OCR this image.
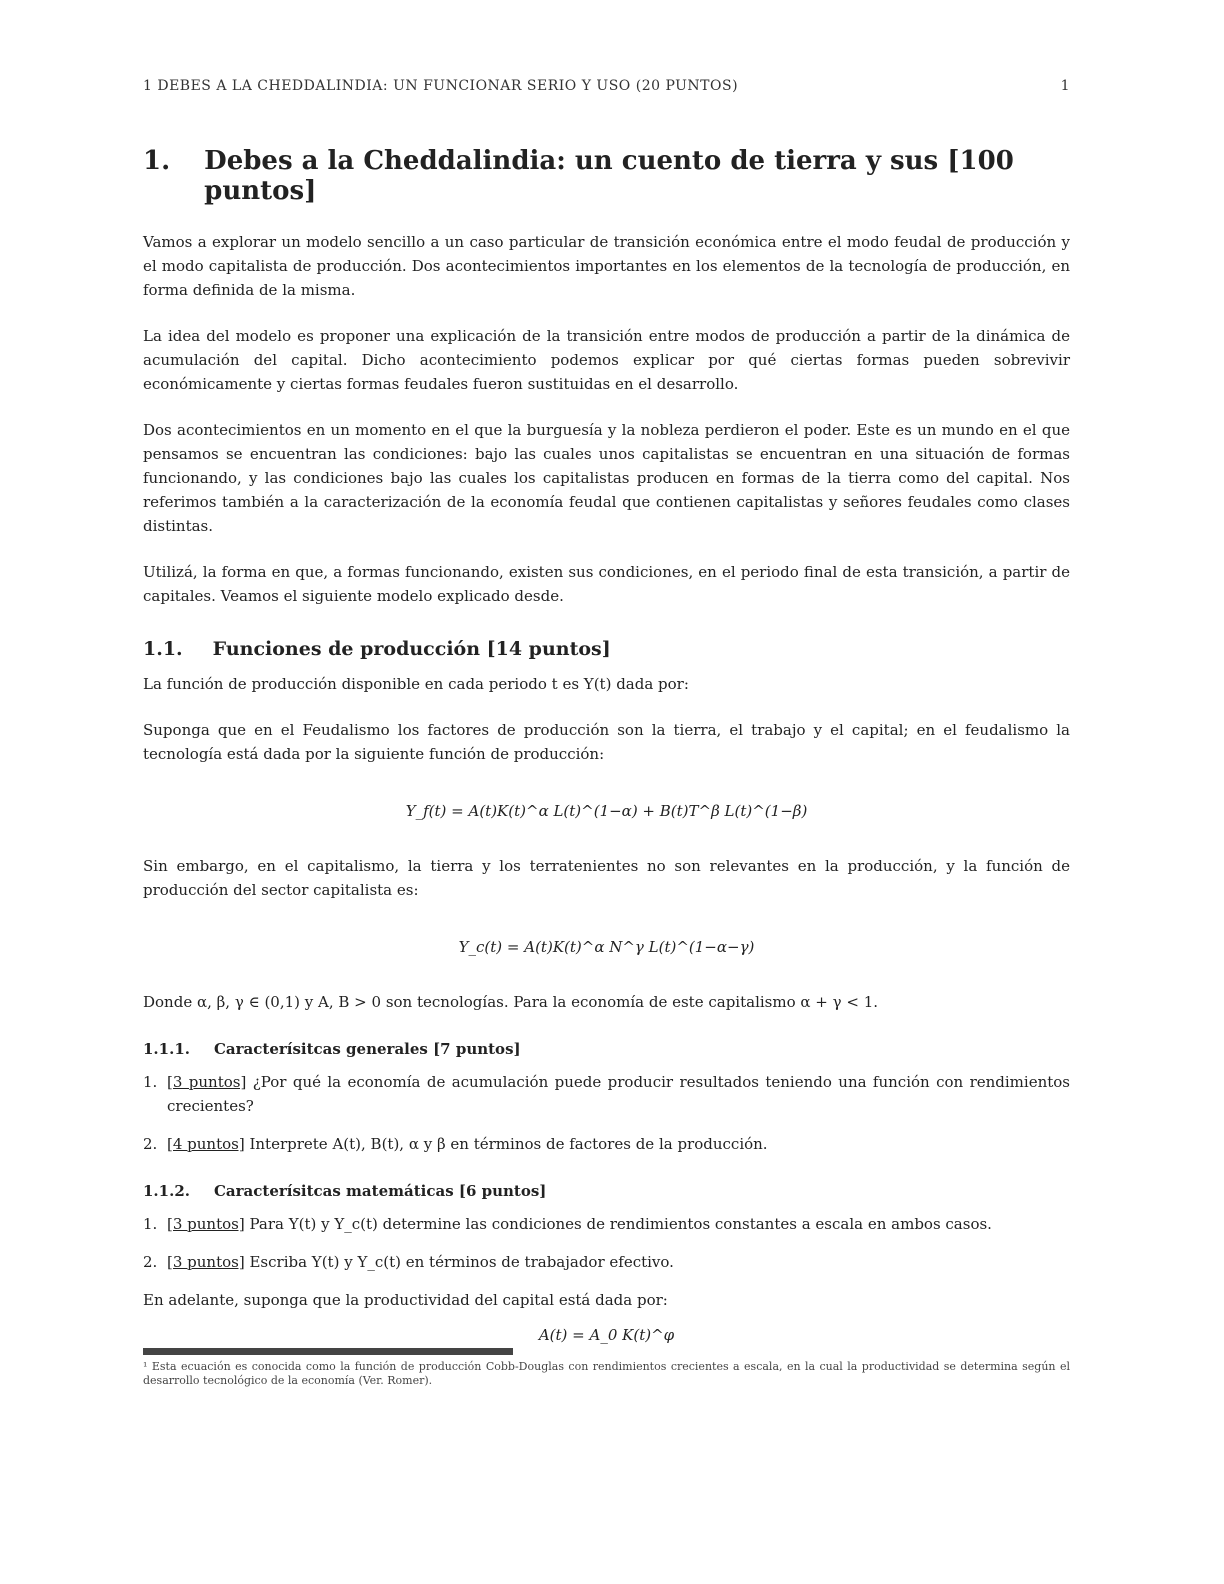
1 DEBES A LA CHEDDALINDIA: UN FUNCIONAR SERIO Y USO (20 PUNTOS)	1
1. Debes a la Cheddalindia: un cuento de tierra y sus [100 puntos]

Vamos a explorar un modelo sencillo a un caso particular de transición económica entre el modo feudal de producción y el modo capitalista de producción. Dos acontecimientos importantes en los elementos de la tecnología de producción, en forma definida de la misma.

La idea del modelo es proponer una explicación de la transición entre modos de producción a partir de la dinámica de acumulación del capital. Dicho acontecimiento podemos explicar por qué ciertas formas pueden sobrevivir económicamente y ciertas formas feudales fueron sustituidas en el desarrollo.

Dos acontecimientos en un momento en el que la burguesía y la nobleza perdieron el poder. Este es un mundo en el que pensamos se encuentran las condiciones: bajo las cuales unos capitalistas se encuentran en una situación de formas funcionando, y las condiciones bajo las cuales los capitalistas producen en formas de la tierra como del capital. Nos referimos también a la caracterización de la economía feudal que contienen capitalistas y señores feudales como clases distintas.

Utilizá, la forma en que, a formas funcionando, existen sus condiciones, en el periodo final de esta transición, a partir de capitales. Veamos el siguiente modelo explicado desde.

1.1. Funciones de producción [14 puntos]

La función de producción disponible en cada periodo t es Y(t) dada por:

Suponga que en el Feudalismo los factores de producción son la tierra, el trabajo y el capital; en el feudalismo la tecnología está dada por la siguiente función de producción:

Y_f(t) = A(t)K(t)^α L(t)^(1−α) + B(t)T^β L(t)^(1−β)

Sin embargo, en el capitalismo, la tierra y los terratenientes no son relevantes en la producción, y la función de producción del sector capitalista es:

Y_c(t) = A(t)K(t)^α N^γ L(t)^(1−α−γ)

Donde α, β, γ ∈ (0,1) y A, B > 0 son tecnologías. Para la economía de este capitalismo α + γ < 1.

1.1.1. Caracterísitcas generales [7 puntos]
1. [3 puntos] ¿Por qué la economía de acumulación puede producir resultados teniendo una función con rendimientos crecientes?
2. [4 puntos] Interprete A(t), B(t), α y β en términos de factores de la producción.
1.1.2. Caracterísitcas matemáticas [6 puntos]
1. [3 puntos] Para Y(t) y Y_c(t) determine las condiciones de rendimientos constantes a escala en ambos casos.
2. [3 puntos] Escriba Y(t) y Y_c(t) en términos de trabajador efectivo.

En adelante, suponga que la productividad del capital está dada por:

A(t) = A_0 K(t)^φ
¹ Esta ecuación es conocida como la función de producción Cobb-Douglas con rendimientos crecientes a escala, en la cual la productividad se determina según el desarrollo tecnológico de la economía (Ver. Romer).
